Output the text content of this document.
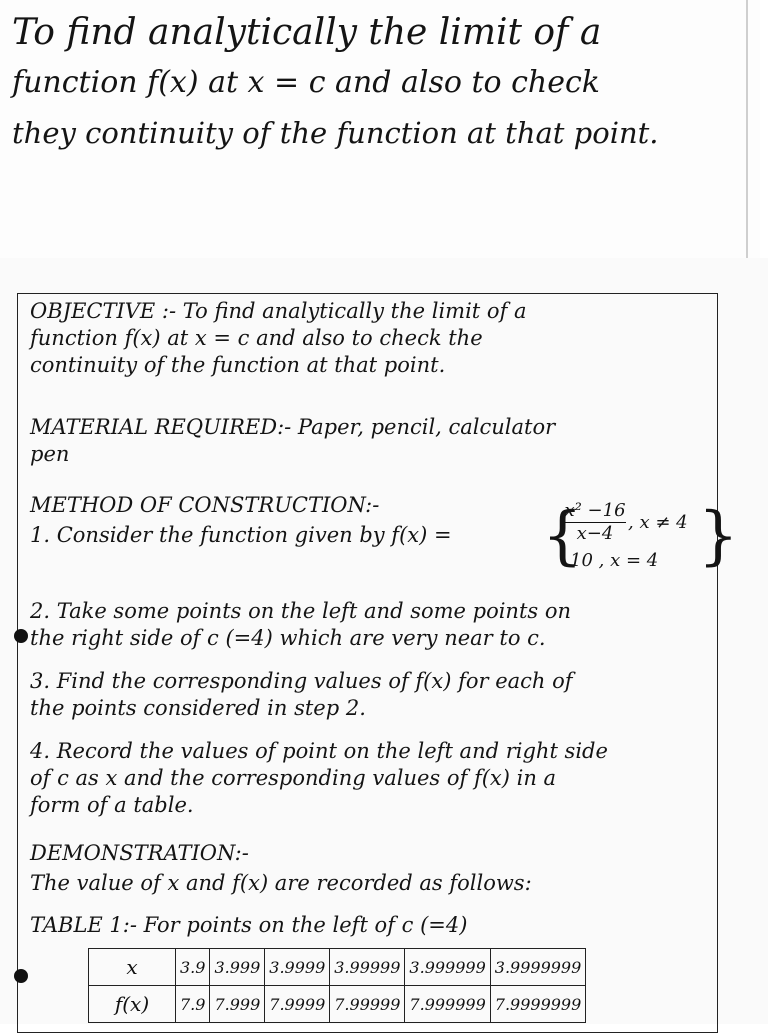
To find analytically the limit of a
function f(x) at x = c and also to check
they continuity of the function at that point.
OBJECTIVE :- To find analytically the limit of a
function f(x) at x = c and also to check the
continuity of the function at that point.
MATERIAL REQUIRED:- Paper, pencil, calculator
pen
METHOD OF CONSTRUCTION:-
1. Consider the function given by f(x) =	{
$\frac{\text{x² −16}}{x-4}$ , x ≠ 4
10 , x = 4 }
2. Take some points on the left and some points on
the right side of c (=4) which are very near to c.
3. Find the corresponding values of f(x) for each of
the points considered in step 2.
4. Record the values of point on the left and right side
of c as x and the corresponding values of f(x) in a
form of a table.
DEMONSTRATION:-
The value of x and f(x) are recorded as follows:
TABLE 1:- For points on the left of c (=4)
x	3.9	3.999	3.9999	3.99999	3.999999	3.9999999
f(x)	7.9	7.999	7.9999	7.99999	7.999999	7.9999999
